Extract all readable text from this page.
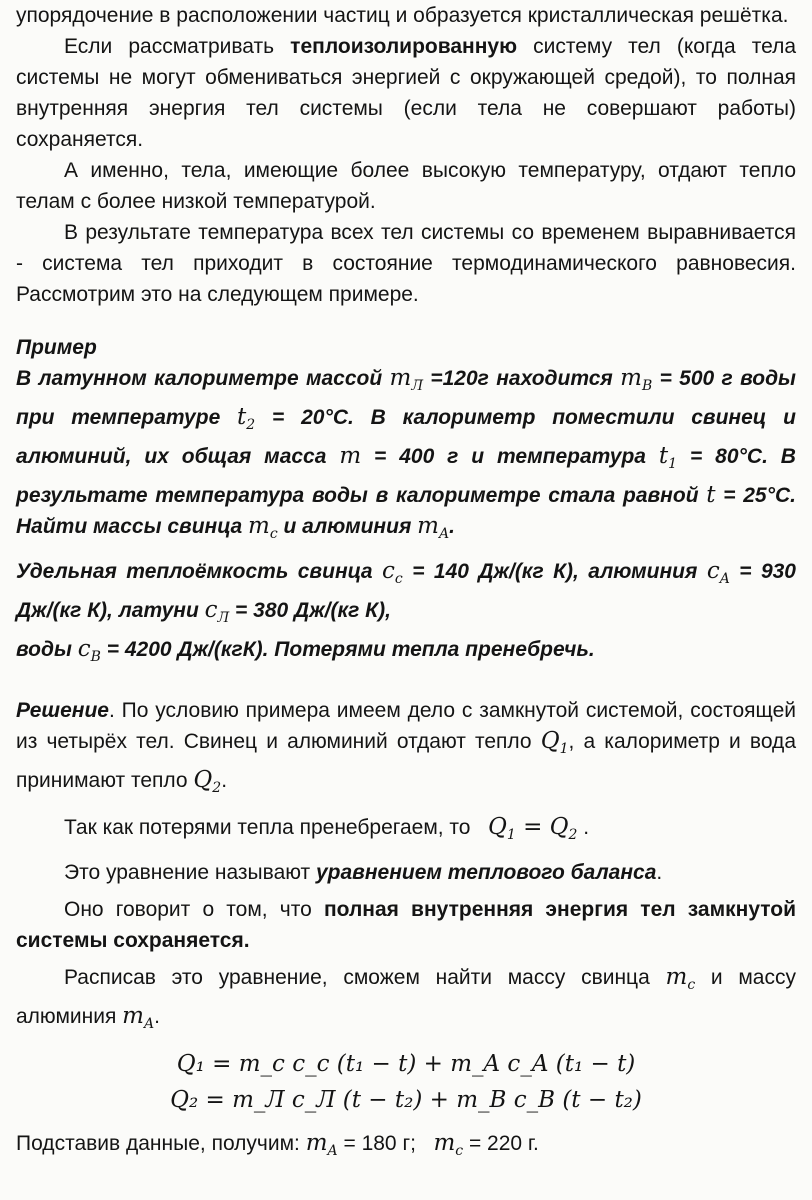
упорядочение в расположении частиц и образуется кристаллическая решётка.

Если рассматривать теплоизолированную систему тел (когда тела системы не могут обмениваться энергией с окружающей средой), то полная внутренняя энергия тел системы (если тела не совершают работы) сохраняется.

А именно, тела, имеющие более высокую температуру, отдают тепло телам с более низкой температурой.

В результате температура всех тел системы со временем выравнивается - система тел приходит в состояние термодинамического равновесия. Рассмотрим это на следующем примере.

Пример

В латунном калориметре массой $m_Л =120г$ находится $m_B = 500$ г воды при температуре $t_2 = 20^\circ C$. В калориметр поместили свинец и алюминий, их общая масса m = 400 г и температура $t_1 = 80^\circ C$. В результате температура воды в калориметре стала равной t = 25°С. Найти массы свинца $m_c$ и алюминия $m_A$.

Удельная теплоёмкость свинца $c_c = 140$ Дж/(кг К), алюминия $c_A = 930$ Дж/(кг К), латуни $c_Л = 380$ Дж/(кг К),
воды $c_B = 4200$ Дж/(кгК). Потерями тепла пренебречь.

Решение. По условию примера имеем дело с замкнутой системой, состоящей из четырёх тел. Свинец и алюминий отдают тепло $Q_1$, а калориметр и вода принимают тепло $Q_2$.

Так как потерями тепла пренебрегаем, то   $Q_1 = Q_2$ .

Это уравнение называют уравнением теплового баланса.

Оно говорит о том, что полная внутренняя энергия тел замкнутой системы сохраняется.

Расписав это уравнение, сможем найти массу свинца $m_c$ и массу алюминия $m_A$.

Q₁ = m_c c_c (t₁ − t) + m_A c_A (t₁ − t)
Q₂ = m_Л c_Л (t − t₂) + m_B c_B (t − t₂)

Подставив данные, получим: $m_A = 180$ г; $m_c = 220$ г.
